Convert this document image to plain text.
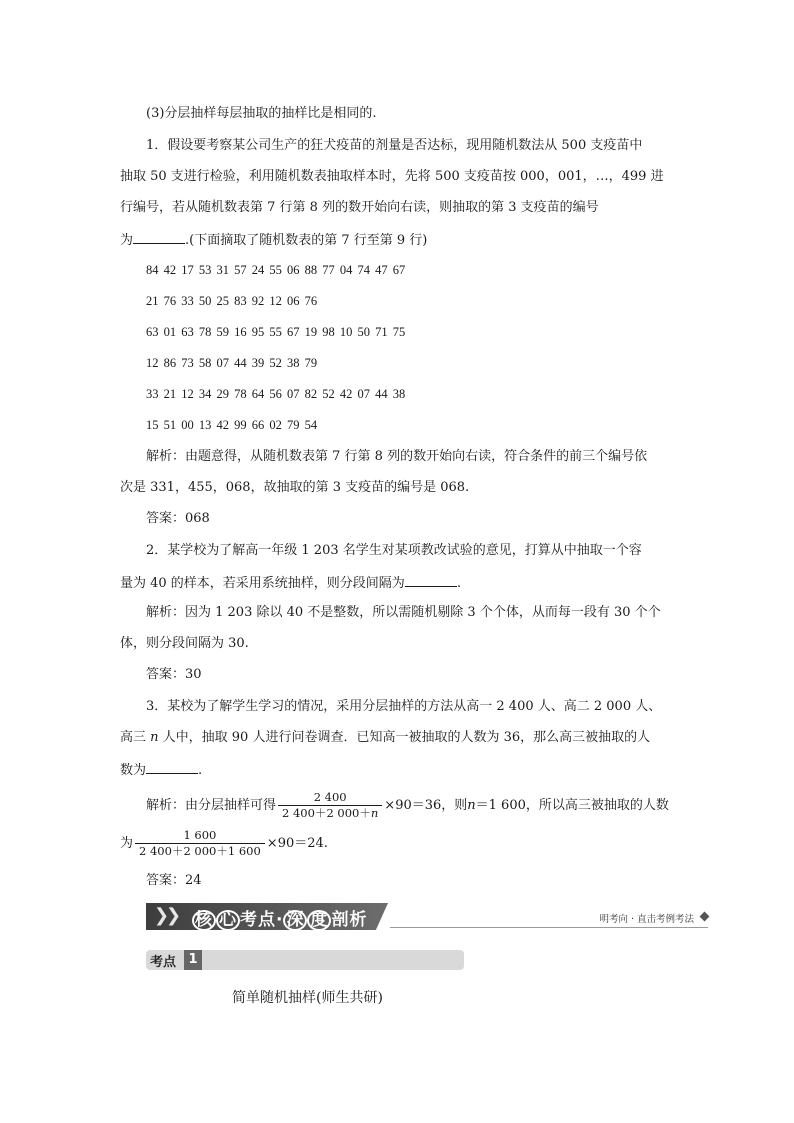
(3)分层抽样每层抽取的抽样比是相同的.
1．假设要考察某公司生产的狂犬疫苗的剂量是否达标，现用随机数法从 500 支疫苗中
抽取 50 支进行检验，利用随机数表抽取样本时，先将 500 支疫苗按 000，001，…，499 进
行编号，若从随机数表第 7 行第 8 列的数开始向右读，则抽取的第 3 支疫苗的编号
为	.(下面摘取了随机数表的第 7 行至第 9 行)
84 42 17 53 31 57 24 55 06 88 77 04 74 47 67
21 76 33 50 25 83 92 12 06 76
63 01 63 78 59 16 95 55 67 19 98 10 50 71 75
12 86 73 58 07 44 39 52 38 79
33 21 12 34 29 78 64 56 07 82 52 42 07 44 38
15 51 00 13 42 99 66 02 79 54
解析：由题意得，从随机数表第 7 行第 8 列的数开始向右读，符合条件的前三个编号依
次是 331，455，068，故抽取的第 3 支疫苗的编号是 068.
答案：068
2．某学校为了解高一年级 1 203 名学生对某项教改试验的意见，打算从中抽取一个容
量为 40 的样本，若采用系统抽样，则分段间隔为	.
解析：因为 1 203 除以 40 不是整数，所以需随机剔除 3 个个体，从而每一段有 30 个个
体，则分段间隔为 30.
答案：30
3．某校为了解学生学习的情况，采用分层抽样的方法从高一 2 400 人、高二 2 000 人、
高三 n 人中，抽取 90 人进行问卷调查．已知高一被抽取的人数为 36，那么高三被抽取的人
数为	.
解析：由分层抽样可得 $\frac{2 400}{2 400+2 000+n} \times 90=36$，则n＝1 600，所以高三被抽取的人数
为 $\frac{1 600}{2 400+2 000+1 600} \times 90=24$.
答案：24
❯
❯ 核 心 考点· 深 度 剖析	明考向 · 直击考例考法
考点 1
简单随机抽样(师生共研)
